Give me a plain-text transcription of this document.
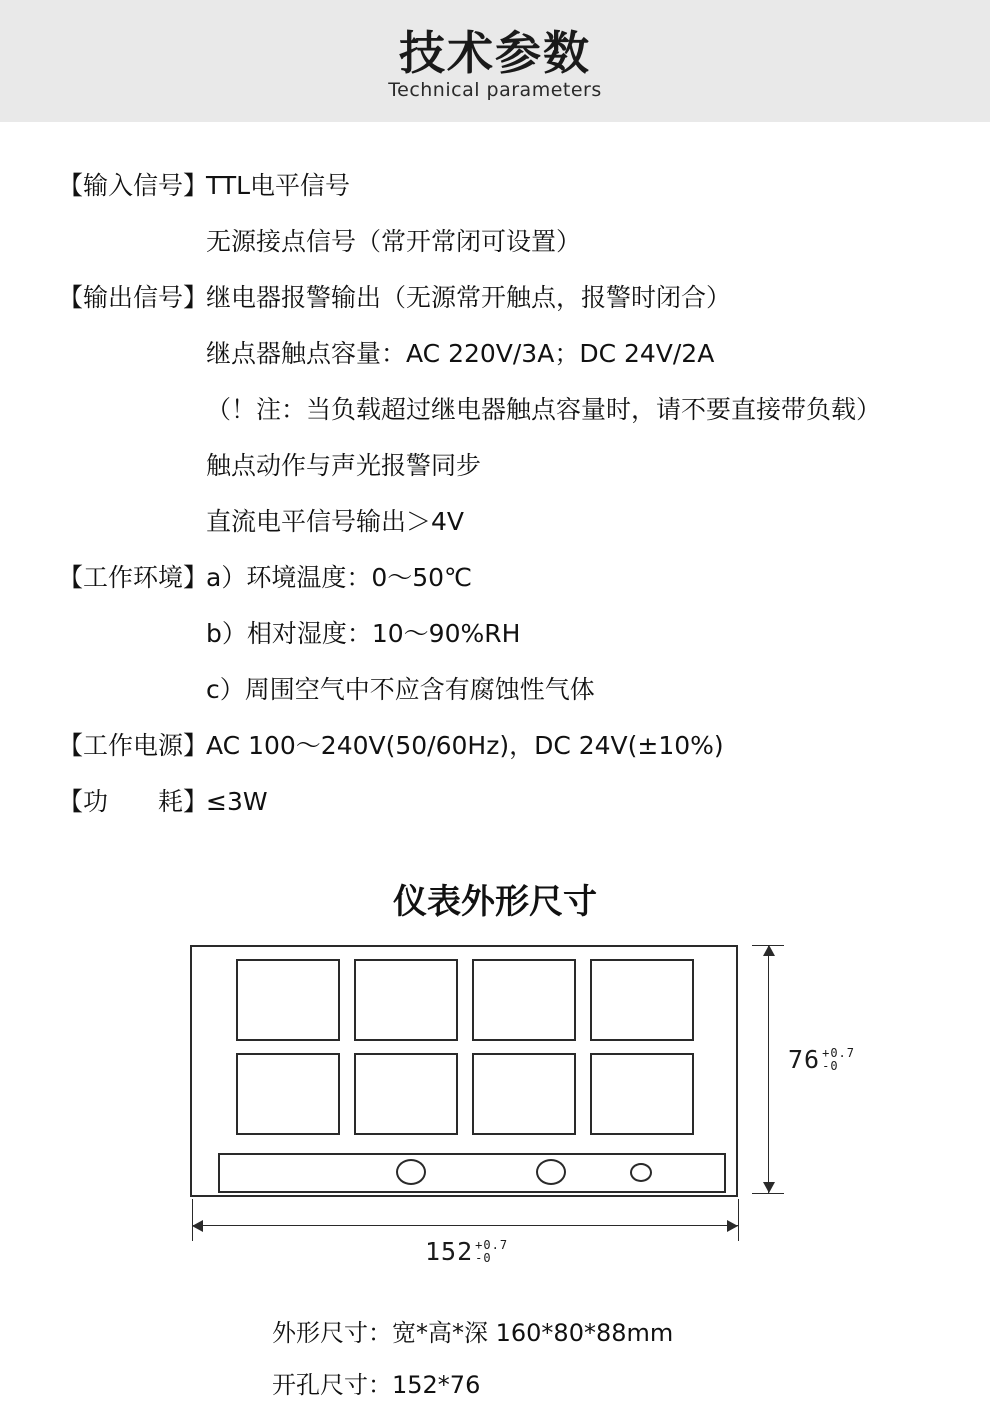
技术参数
Technical parameters
【输入信号】
TTL电平信号
无源接点信号（常开常闭可设置）
【输出信号】
继电器报警输出（无源常开触点，报警时闭合）
继点器触点容量：AC 220V/3A；DC 24V/2A
（！注：当负载超过继电器触点容量时，请不要直接带负载）
触点动作与声光报警同步
直流电平信号输出＞4V
【工作环境】
a）环境温度：0～50℃
b）相对湿度：10～90%RH
c）周围空气中不应含有腐蚀性气体
【工作电源】
AC 100～240V(50/60Hz)，DC 24V(±10%)
【功　　耗】
≤3W
仪表外形尺寸
76 +0.7
-0
152 +0.7
-0
外形尺寸：宽*高*深 160*80*88mm
开孔尺寸：152*76
